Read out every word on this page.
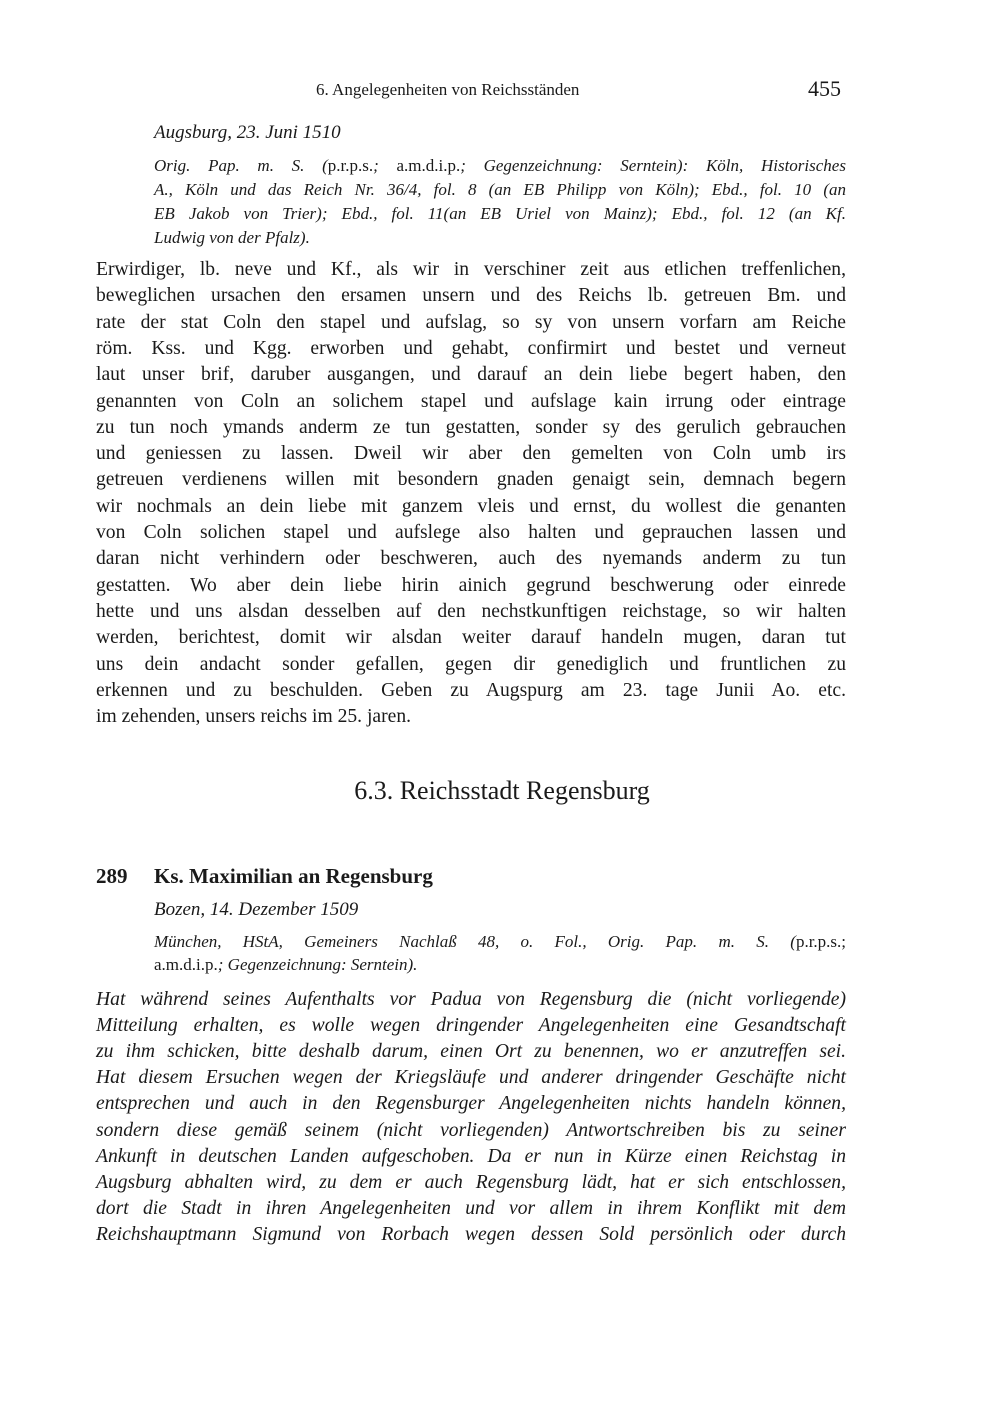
6. Angelegenheiten von Reichsständen	455
Augsburg, 23. Juni 1510
Orig. Pap. m. S. (p.r.p.s.; a.m.d.i.p.; Gegenzeichnung: Serntein): Köln, Historisches
A., Köln und das Reich Nr. 36/4, fol. 8 (an EB Philipp von Köln); Ebd., fol. 10 (an
EB Jakob von Trier); Ebd., fol. 11(an EB Uriel von Mainz); Ebd., fol. 12 (an Kf.
Ludwig von der Pfalz).
Erwirdiger, lb. neve und Kf., als wir in verschiner zeit aus etlichen treffenlichen,
beweglichen ursachen den ersamen unsern und des Reichs lb. getreuen Bm. und
rate der stat Coln den stapel und aufslag, so sy von unsern vorfarn am Reiche
röm. Kss. und Kgg. erworben und gehabt, confirmirt und bestet und verneut
laut unser brif, daruber ausgangen, und darauf an dein liebe begert haben, den
genannten von Coln an solichem stapel und aufslage kain irrung oder eintrage
zu tun noch ymands anderm ze tun gestatten, sonder sy des gerulich gebrauchen
und geniessen zu lassen. Dweil wir aber den gemelten von Coln umb irs
getreuen verdienens willen mit besondern gnaden genaigt sein, demnach begern
wir nochmals an dein liebe mit ganzem vleis und ernst, du wollest die genanten
von Coln solichen stapel und aufslege also halten und geprauchen lassen und
daran nicht verhindern oder beschweren, auch des nyemands anderm zu tun
gestatten. Wo aber dein liebe hirin ainich gegrund beschwerung oder einrede
hette und uns alsdan desselben auf den nechstkunftigen reichstage, so wir halten
werden, berichtest, domit wir alsdan weiter darauf handeln mugen, daran tut
uns dein andacht sonder gefallen, gegen dir genediglich und fruntlichen zu
erkennen und zu beschulden. Geben zu Augspurg am 23. tage Junii Ao. etc.
im zehenden, unsers reichs im 25. jaren.
6.3. Reichsstadt Regensburg
289 Ks. Maximilian an Regensburg
Bozen, 14. Dezember 1509
München, HStA, Gemeiners Nachlaß 48, o. Fol., Orig. Pap. m. S. (p.r.p.s.;
a.m.d.i.p.; Gegenzeichnung: Serntein).
Hat während seines Aufenthalts vor Padua von Regensburg die (nicht vorliegende)
Mitteilung erhalten, es wolle wegen dringender Angelegenheiten eine Gesandtschaft
zu ihm schicken, bitte deshalb darum, einen Ort zu benennen, wo er anzutreffen sei.
Hat diesem Ersuchen wegen der Kriegsläufe und anderer dringender Geschäfte nicht
entsprechen und auch in den Regensburger Angelegenheiten nichts handeln können,
sondern diese gemäß seinem (nicht vorliegenden) Antwortschreiben bis zu seiner
Ankunft in deutschen Landen aufgeschoben. Da er nun in Kürze einen Reichstag in
Augsburg abhalten wird, zu dem er auch Regensburg lädt, hat er sich entschlossen,
dort die Stadt in ihren Angelegenheiten und vor allem in ihrem Konflikt mit dem
Reichshauptmann Sigmund von Rorbach wegen dessen Sold persönlich oder durch
